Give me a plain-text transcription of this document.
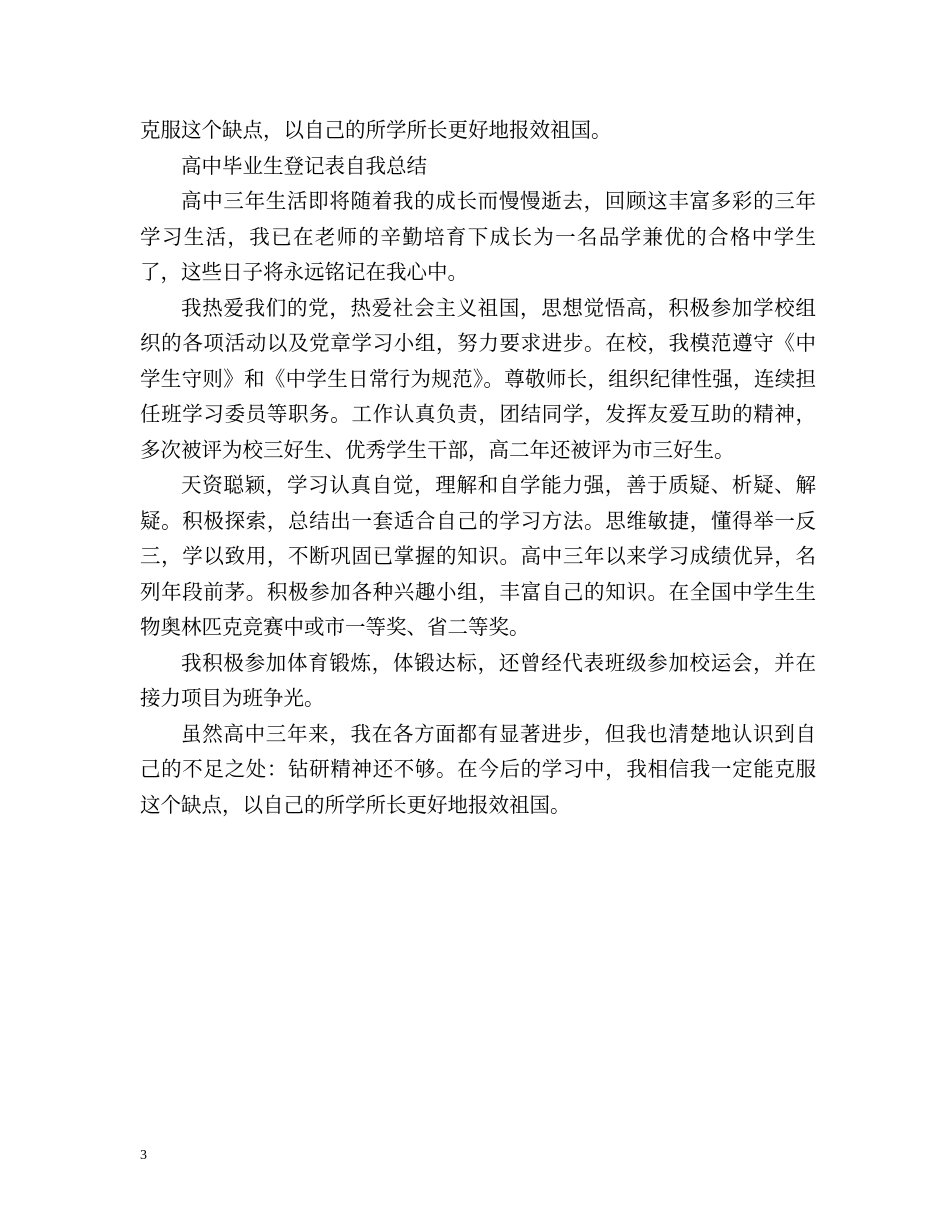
克服这个缺点，以自己的所学所长更好地报效祖国。

高中毕业生登记表自我总结

高中三年生活即将随着我的成长而慢慢逝去，回顾这丰富多彩的三年学习生活，我已在老师的辛勤培育下成长为一名品学兼优的合格中学生了，这些日子将永远铭记在我心中。

我热爱我们的党，热爱社会主义祖国，思想觉悟高，积极参加学校组织的各项活动以及党章学习小组，努力要求进步。在校，我模范遵守《中学生守则》和《中学生日常行为规范》。尊敬师长，组织纪律性强，连续担任班学习委员等职务。工作认真负责，团结同学，发挥友爱互助的精神，多次被评为校三好生、优秀学生干部，高二年还被评为市三好生。

天资聪颖，学习认真自觉，理解和自学能力强，善于质疑、析疑、解疑。积极探索，总结出一套适合自己的学习方法。思维敏捷，懂得举一反三，学以致用，不断巩固已掌握的知识。高中三年以来学习成绩优异，名列年段前茅。积极参加各种兴趣小组，丰富自己的知识。在全国中学生生物奥林匹克竞赛中或市一等奖、省二等奖。

我积极参加体育锻炼，体锻达标，还曾经代表班级参加校运会，并在接力项目为班争光。

虽然高中三年来，我在各方面都有显著进步，但我也清楚地认识到自己的不足之处：钻研精神还不够。在今后的学习中，我相信我一定能克服这个缺点，以自己的所学所长更好地报效祖国。

3
